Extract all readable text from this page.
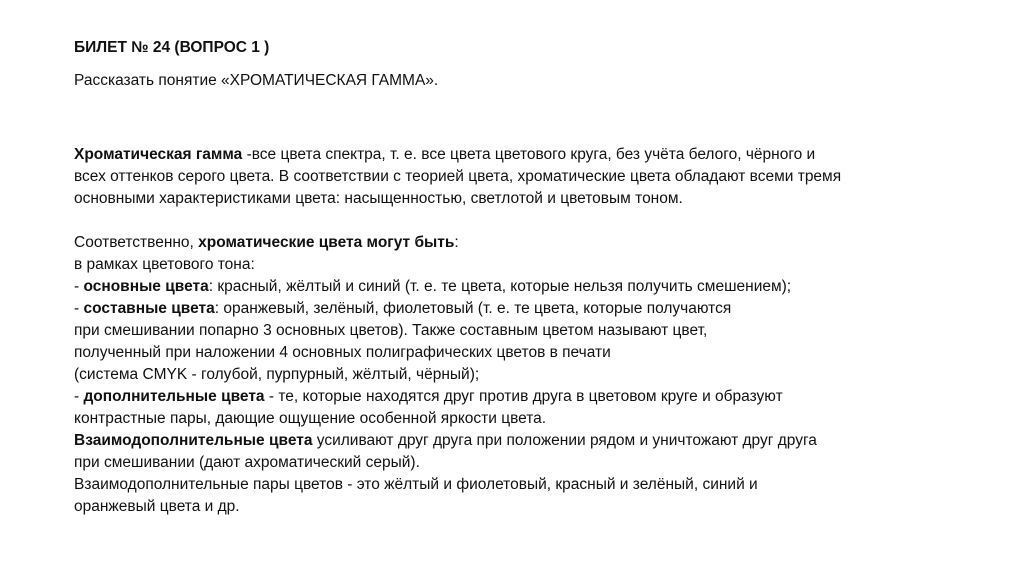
БИЛЕТ № 24 (ВОПРОС 1 )
Рассказать понятие «ХРОМАТИЧЕСКАЯ ГАММА».
Хроматическая гамма -все цвета спектра, т. е. все цвета цветового круга, без учёта белого, чёрного и
всех оттенков серого цвета. В соответствии с теорией цвета, хроматические цвета обладают всеми тремя
основными характеристиками цвета: насыщенностью, светлотой и цветовым тоном.
Соответственно, хроматические цвета могут быть:
в рамках цветового тона:
- основные цвета: красный, жёлтый и синий (т. е. те цвета, которые нельзя получить смешением);
- составные цвета: оранжевый, зелёный, фиолетовый (т. е. те цвета, которые получаются
при смешивании попарно 3 основных цветов). Также составным цветом называют цвет,
полученный при наложении 4 основных полиграфических цветов в печати
(система CMYK - голубой, пурпурный, жёлтый, чёрный);
- дополнительные цвета - те, которые находятся друг против друга в цветовом круге и образуют
контрастные пары, дающие ощущение особенной яркости цвета.
Взаимодополнительные цвета усиливают друг друга при положении рядом и уничтожают друг друга
при смешивании (дают ахроматический серый).
Взаимодополнительные пары цветов - это жёлтый и фиолетовый, красный и зелёный, синий и
оранжевый цвета и др.
